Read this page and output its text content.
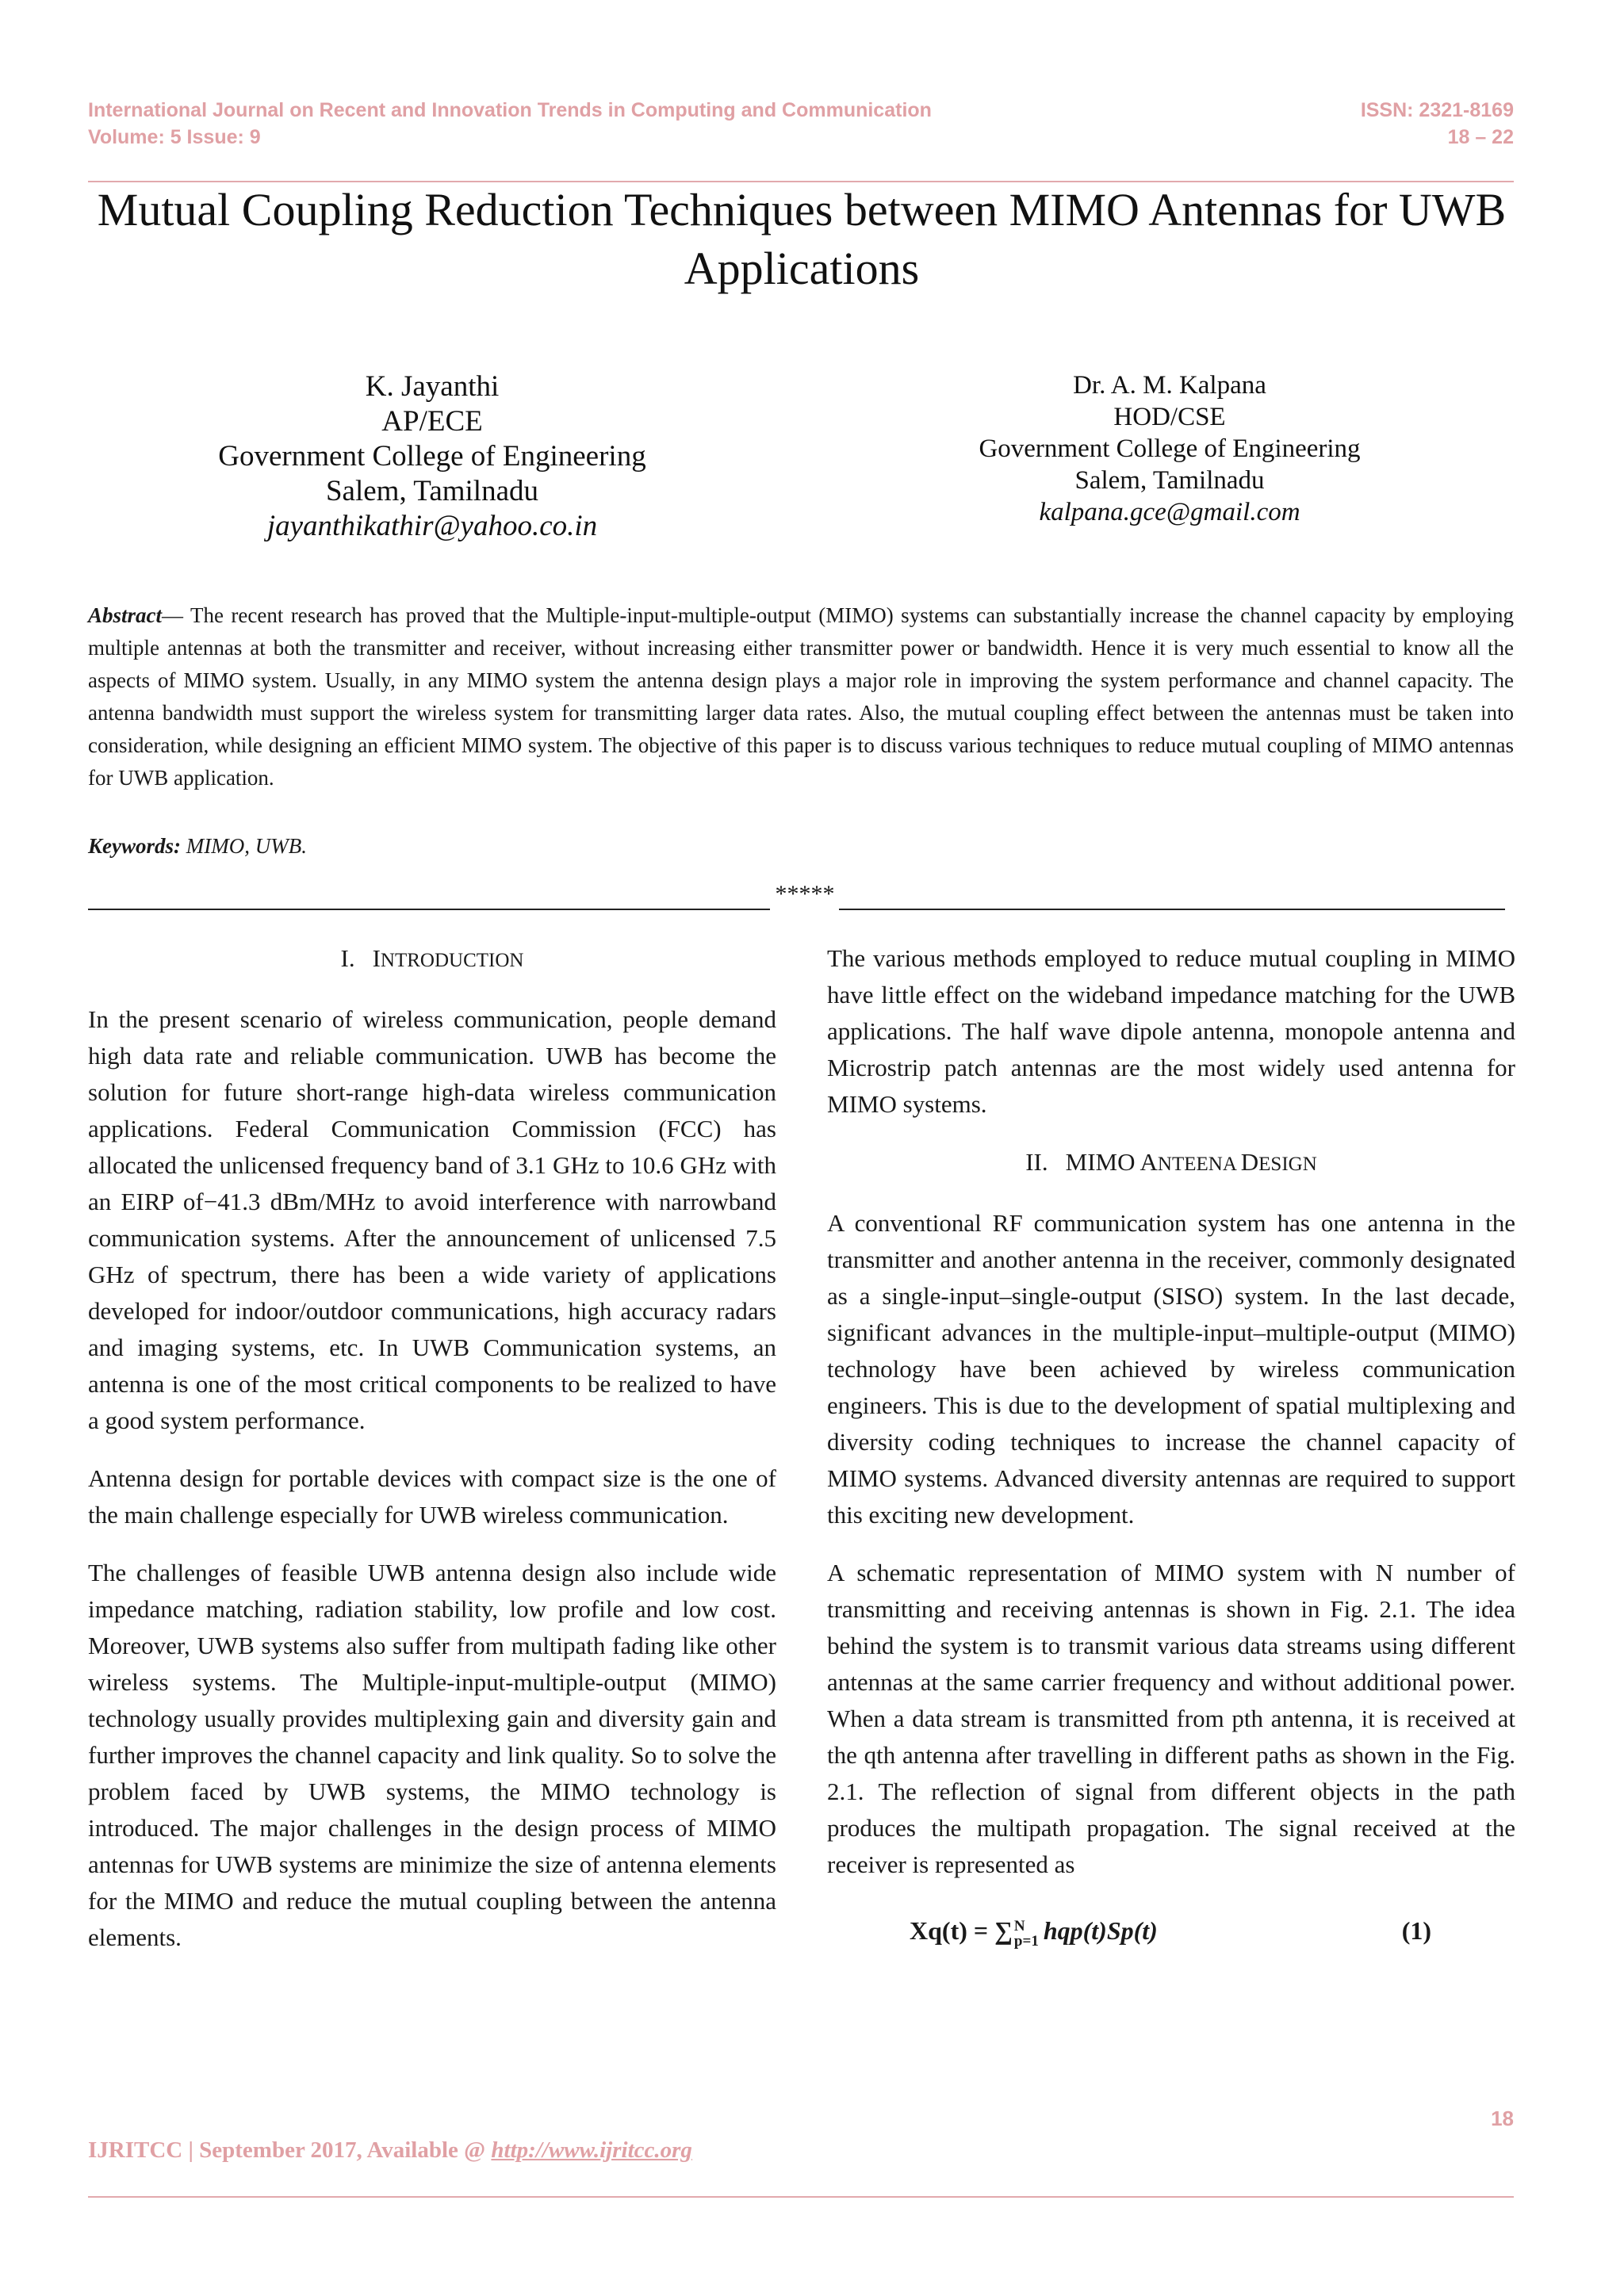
International Journal on Recent and Innovation Trends in Computing and Communication
Volume: 5 Issue: 9
ISSN: 2321-8169
18 – 22
Mutual Coupling Reduction Techniques between MIMO Antennas for UWB Applications
K. Jayanthi
AP/ECE
Government College of Engineering
Salem, Tamilnadu
jayanthikathir@yahoo.co.in
Dr. A. M. Kalpana
HOD/CSE
Government College of Engineering
Salem, Tamilnadu
kalpana.gce@gmail.com
Abstract— The recent research has proved that the Multiple-input-multiple-output (MIMO) systems can substantially increase the channel capacity by employing multiple antennas at both the transmitter and receiver, without increasing either transmitter power or bandwidth. Hence it is very much essential to know all the aspects of MIMO system. Usually, in any MIMO system the antenna design plays a major role in improving the system performance and channel capacity. The antenna bandwidth must support the wireless system for transmitting larger data rates. Also, the mutual coupling effect between the antennas must be taken into consideration, while designing an efficient MIMO system. The objective of this paper is to discuss various techniques to reduce mutual coupling of MIMO antennas for UWB application.
Keywords: MIMO, UWB.
*****
I. INTRODUCTION

In the present scenario of wireless communication, people demand high data rate and reliable communication. UWB has become the solution for future short-range high-data wireless communication applications. Federal Communication Commission (FCC) has allocated the unlicensed frequency band of 3.1 GHz to 10.6 GHz with an EIRP of−41.3 dBm/MHz to avoid interference with narrowband communication systems. After the announcement of unlicensed 7.5 GHz of spectrum, there has been a wide variety of applications developed for indoor/outdoor communications, high accuracy radars and imaging systems, etc. In UWB Communication systems, an antenna is one of the most critical components to be realized to have a good system performance.

Antenna design for portable devices with compact size is the one of the main challenge especially for UWB wireless communication.

The challenges of feasible UWB antenna design also include wide impedance matching, radiation stability, low profile and low cost. Moreover, UWB systems also suffer from multipath fading like other wireless systems. The Multiple-input-multiple-output (MIMO) technology usually provides multiplexing gain and diversity gain and further improves the channel capacity and link quality. So to solve the problem faced by UWB systems, the MIMO technology is introduced. The major challenges in the design process of MIMO antennas for UWB systems are minimize the size of antenna elements for the MIMO and reduce the mutual coupling between the antenna elements.

The various methods employed to reduce mutual coupling in MIMO have little effect on the wideband impedance matching for the UWB applications. The half wave dipole antenna, monopole antenna and Microstrip patch antennas are the most widely used antenna for MIMO systems.

II. MIMO ANTEENA DESIGN

A conventional RF communication system has one antenna in the transmitter and another antenna in the receiver, commonly designated as a single-input–single-output (SISO) system. In the last decade, significant advances in the multiple-input–multiple-output (MIMO) technology have been achieved by wireless communication engineers. This is due to the development of spatial multiplexing and diversity coding techniques to increase the channel capacity of MIMO systems. Advanced diversity antennas are required to support this exciting new development.

A schematic representation of MIMO system with N number of transmitting and receiving antennas is shown in Fig. 2.1. The idea behind the system is to transmit various data streams using different antennas at the same carrier frequency and without additional power. When a data stream is transmitted from pth antenna, it is received at the qth antenna after travelling in different paths as shown in the Fig. 2.1. The reflection of signal from different objects in the path produces the multipath propagation. The signal received at the receiver is represented as

Xq(t) = ∑ N
p=1 hqp(t)Sp(t)	(1)
18
IJRITCC | September 2017, Available @ http://www.ijritcc.org
